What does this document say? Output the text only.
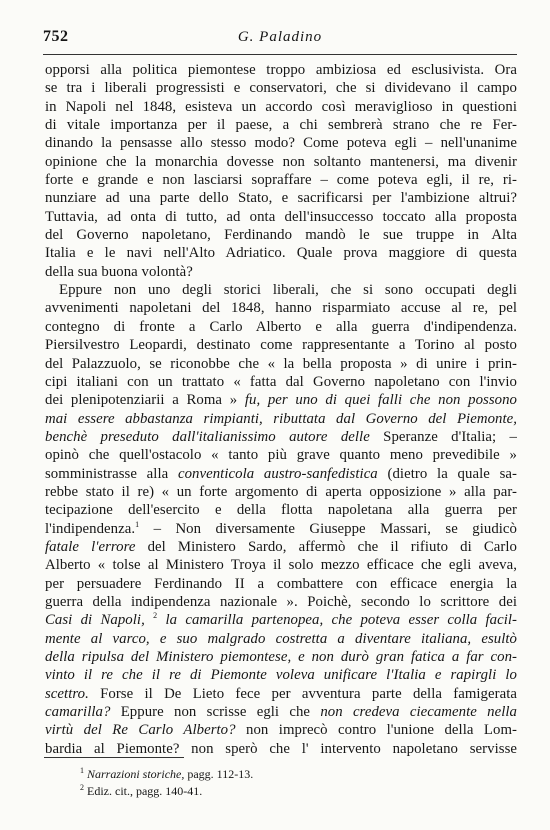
752	G. Paladino
opporsi alla politica piemontese troppo ambiziosa ed esclusivista. Ora
se tra i liberali progressisti e conservatori, che si dividevano il campo
in Napoli nel 1848, esisteva un accordo così meraviglioso in questioni
di vitale importanza per il paese, a chi sembrerà strano che re Fer-
dinando la pensasse allo stesso modo? Come poteva egli – nell'unanime
opinione che la monarchia dovesse non soltanto mantenersi, ma divenir
forte e grande e non lasciarsi sopraffare – come poteva egli, il re, ri-
nunziare ad una parte dello Stato, e sacrificarsi per l'ambizione altrui?
Tuttavia, ad onta di tutto, ad onta dell'insuccesso toccato alla proposta
del Governo napoletano, Ferdinando mandò le sue truppe in Alta
Italia e le navi nell'Alto Adriatico. Quale prova maggiore di questa
della sua buona volontà?
Eppure non uno degli storici liberali, che si sono occupati degli
avvenimenti napoletani del 1848, hanno risparmiato accuse al re, pel
contegno di fronte a Carlo Alberto e alla guerra d'indipendenza.
Piersilvestro Leopardi, destinato come rappresentante a Torino al posto
del Palazzuolo, se riconobbe che « la bella proposta » di unire i prin-
cipi italiani con un trattato « fatta dal Governo napoletano con l'invio
dei plenipotenziarii a Roma » fu, per uno di quei falli che non possono
mai essere abbastanza rimpianti, ributtata dal Governo del Piemonte,
benchè preseduto dall'italianissimo autore delle Speranze d'Italia; –
opinò che quell'ostacolo « tanto più grave quanto meno prevedibile »
somministrasse alla conventicola austro-sanfedistica (dietro la quale sa-
rebbe stato il re) « un forte argomento di aperta opposizione » alla par-
tecipazione dell'esercito e della flotta napoletana alla guerra per
l'indipendenza.$^1$ – Non diversamente Giuseppe Massari, se giudicò
fatale l'errore del Ministero Sardo, affermò che il rifiuto di Carlo
Alberto « tolse al Ministero Troya il solo mezzo efficace che egli aveva,
per persuadere Ferdinando II a combattere con efficace energia la
guerra della indipendenza nazionale ». Poichè, secondo lo scrittore dei
Casi di Napoli, $^2$ la camarilla partenopea, che poteva esser colla facil-
mente al varco, e suo malgrado costretta a diventare italiana, esultò
della ripulsa del Ministero piemontese, e non durò gran fatica a far con-
vinto il re che il re di Piemonte voleva unificare l'Italia e rapirgli lo
scettro. Forse il De Lieto fece per avventura parte della famigerata
camarilla? Eppure non scrisse egli che non credeva ciecamente nella
virtù del Re Carlo Alberto? non imprecò contro l'unione della Lom-
bardia al Piemonte? non sperò che l' intervento napoletano servisse
$^1$ Narrazioni storiche, pagg. 112-13.
$^2$ Ediz. cit., pagg. 140-41.
